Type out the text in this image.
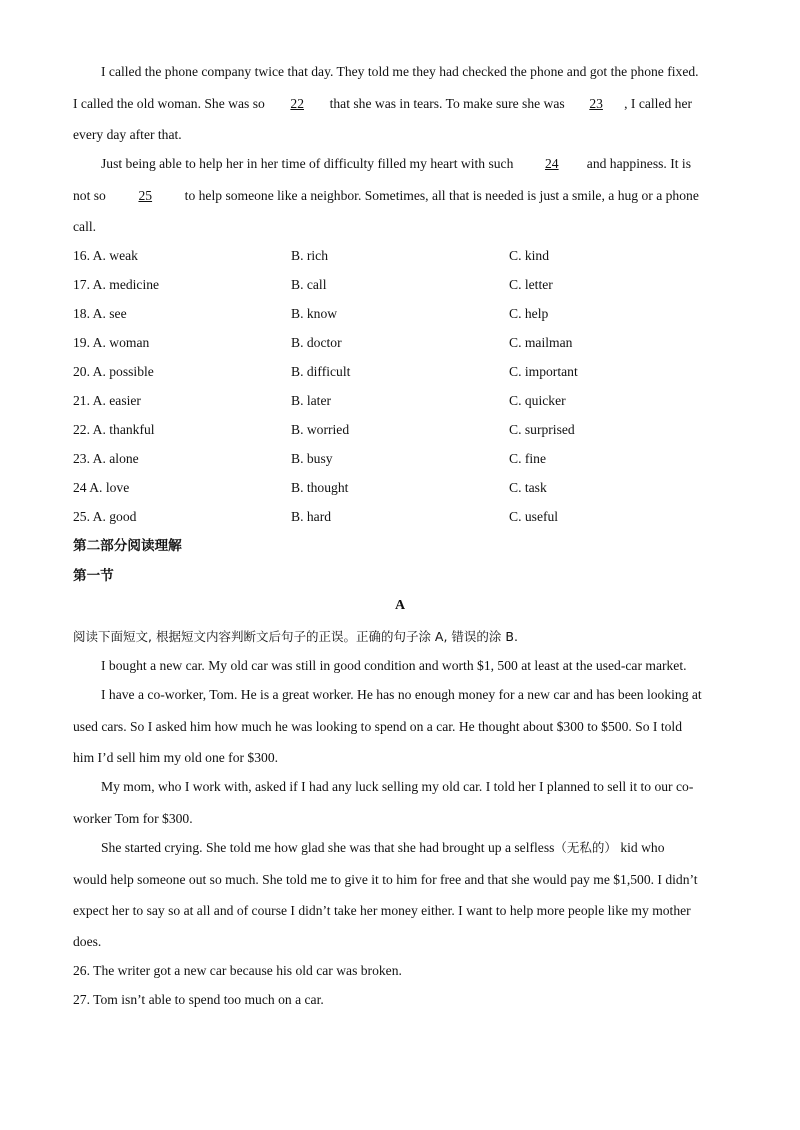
I called the phone company twice that day. They told me they had checked the phone and got the phone fixed.
I called the old woman. She was so 22 that she was in tears. To make sure she was 23 , I called her
every day after that.
Just being able to help her in her time of difficulty filled my heart with such 24 and happiness. It is
not so 25 to help someone like a neighbor. Sometimes, all that is needed is just a smile, a hug or a phone
call.
16. A. weak	B. rich	C. kind
17. A. medicine	B. call	C. letter
18. A. see	B. know	C. help
19. A. woman	B. doctor	C. mailman
20. A. possible	B. difficult	C. important
21. A. easier	B. later	C. quicker
22. A. thankful	B. worried	C. surprised
23. A. alone	B. busy	C. fine
24 A. love	B. thought	C. task
25. A. good	B. hard	C. useful
第二部分阅读理解
第一节
A
阅读下面短文, 根据短文内容判断文后句子的正误。正确的句子涂 A, 错误的涂 B.
I bought a new car. My old car was still in good condition and worth $1, 500 at least at the used-car market.
I have a co-worker, Tom. He is a great worker. He has no enough money for a new car and has been looking at
used cars. So I asked him how much he was looking to spend on a car. He thought about $300 to $500. So I told
him I’d sell him my old one for $300.
My mom, who I work with, asked if I had any luck selling my old car. I told her I planned to sell it to our co-
worker Tom for $300.
She started crying. She told me how glad she was that she had brought up a selfless（无私的） kid who
would help someone out so much. She told me to give it to him for free and that she would pay me $1,500. I didn’t
expect her to say so at all and of course I didn’t take her money either. I want to help more people like my mother
does.
26. The writer got a new car because his old car was broken.
27. Tom isn’t able to spend too much on a car.
